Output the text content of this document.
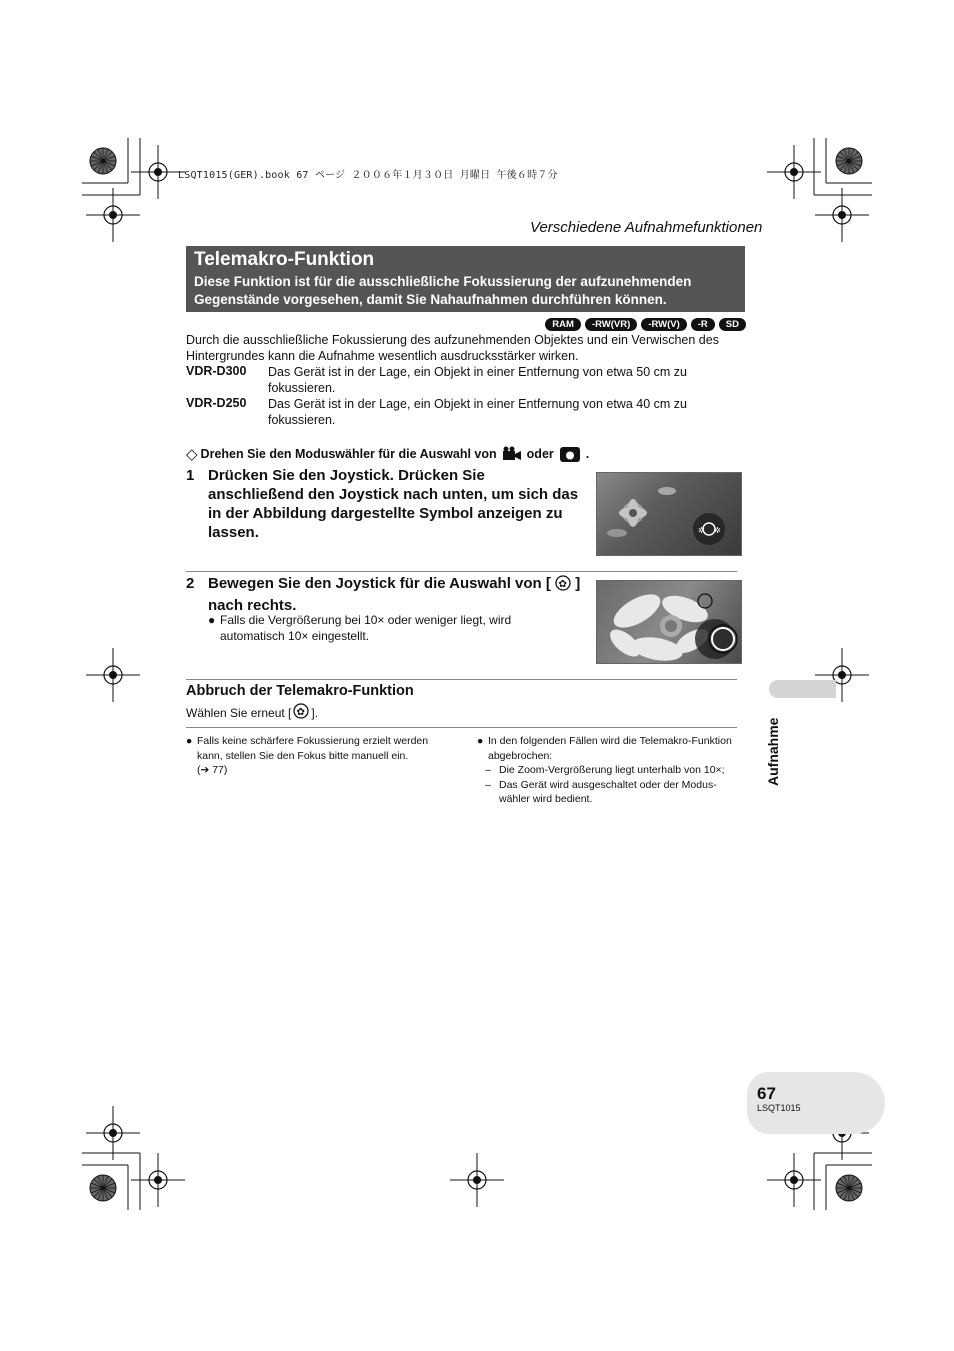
LSQT1015(GER).book 67 ページ ２００６年１月３０日 月曜日 午後６時７分
Verschiedene Aufnahmefunktionen
Telemakro-Funktion
Diese Funktion ist für die ausschließliche Fokussierung der aufzunehmenden Gegenstände vorgesehen, damit Sie Nahaufnahmen durchführen können.
RAM	-RW(VR)	-RW(V)	-R	SD
Durch die ausschließliche Fokussierung des aufzunehmenden Objektes und ein Verwischen des Hintergrundes kann die Aufnahme wesentlich ausdrucksstärker wirken.
VDR-D300 Das Gerät ist in der Lage, ein Objekt in einer Entfernung von etwa 50 cm zu fokussieren.
VDR-D250 Das Gerät ist in der Lage, ein Objekt in einer Entfernung von etwa 40 cm zu fokussieren.
◇ Drehen Sie den Moduswähler für die Auswahl von oder	.
1 Drücken Sie den Joystick. Drücken Sie anschließend den Joystick nach unten, um sich das in der Abbildung dargestellte Symbol anzeigen zu lassen.	✲ ✲
2 Bewegen Sie den Joystick für die Auswahl von [ ✿ ] nach rechts.
● Falls die Vergrößerung bei 10× oder weniger liegt, wird automatisch 10× eingestellt.
Abbruch der Telemakro-Funktion
Wählen Sie erneut [ ✿ ].
● Falls keine schärfere Fokussierung erzielt werden kann, stellen Sie den Fokus bitte manuell ein.
(➔ 77)
● In den folgenden Fällen wird die Telemakro-Funktion abgebrochen:
– Die Zoom-Vergrößerung liegt unterhalb von 10×;
– Das Gerät wird ausgeschaltet oder der Modus-wähler wird bedient.
Aufnahme
67
LSQT1015
